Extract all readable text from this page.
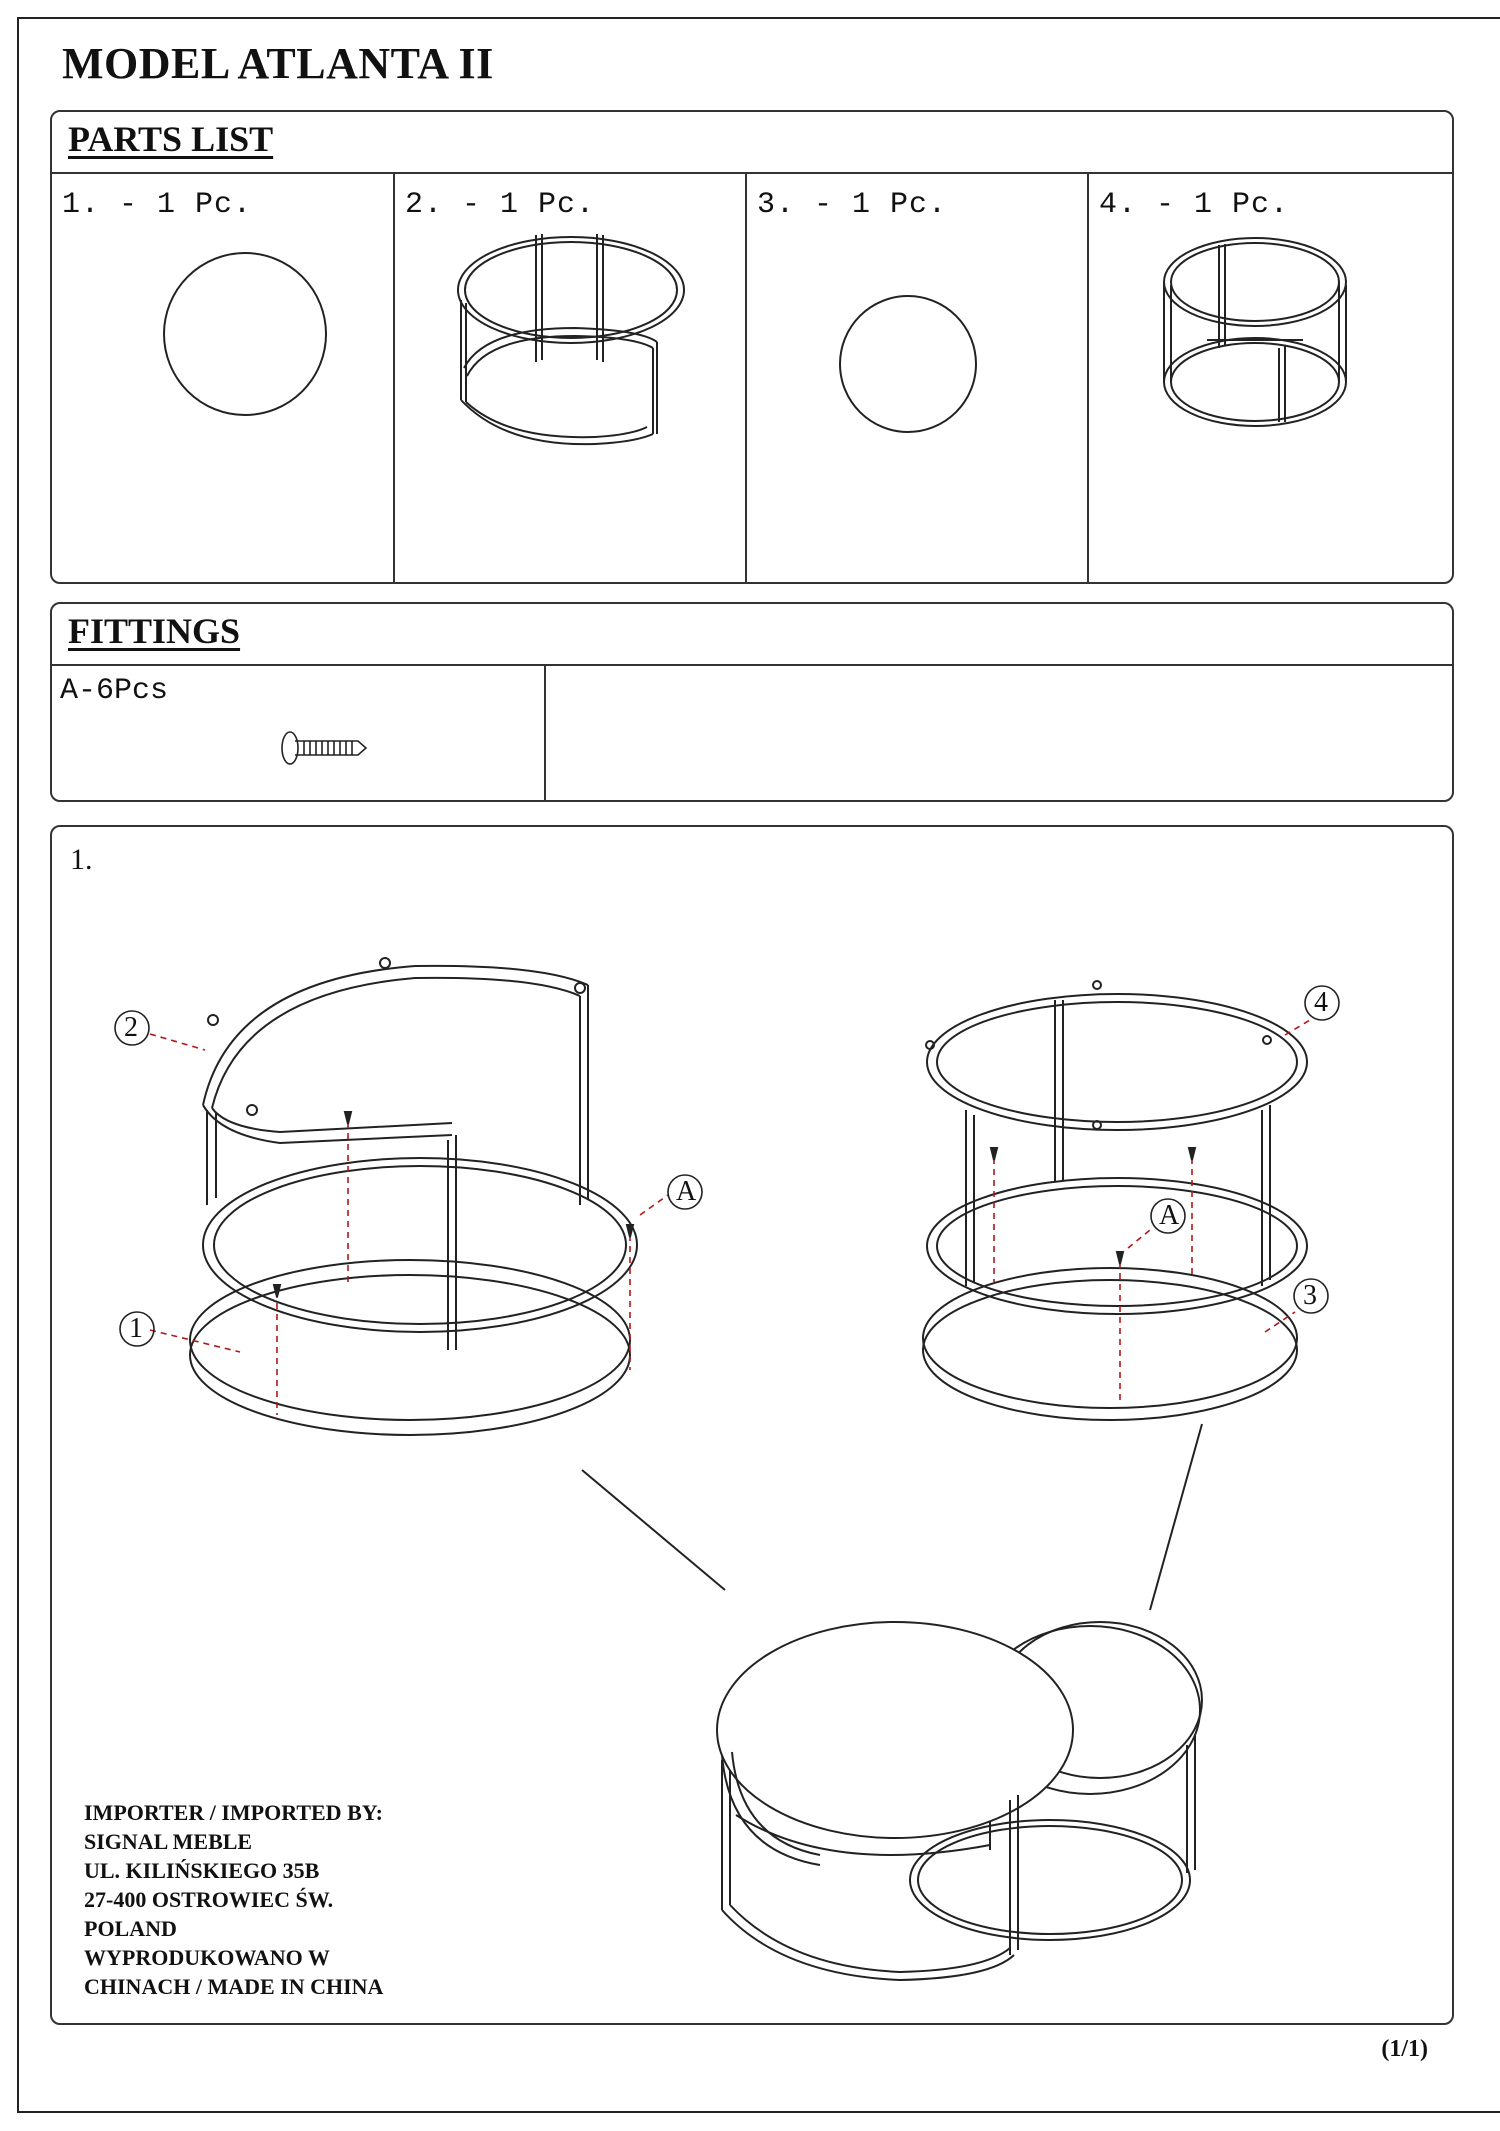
MODEL ATLANTA II
PARTS LIST
1. - 1 Pc.	2. - 1 Pc.	3. - 1 Pc.	4. - 1 Pc.
FITTINGS
A-6Pcs
1.
2
1
A
4
3
A
IMPORTER / IMPORTED BY:
SIGNAL MEBLE
UL. KILIŃSKIEGO 35B
27-400 OSTROWIEC ŚW.
POLAND
WYPRODUKOWANO W
CHINACH / MADE IN CHINA
(1/1)
